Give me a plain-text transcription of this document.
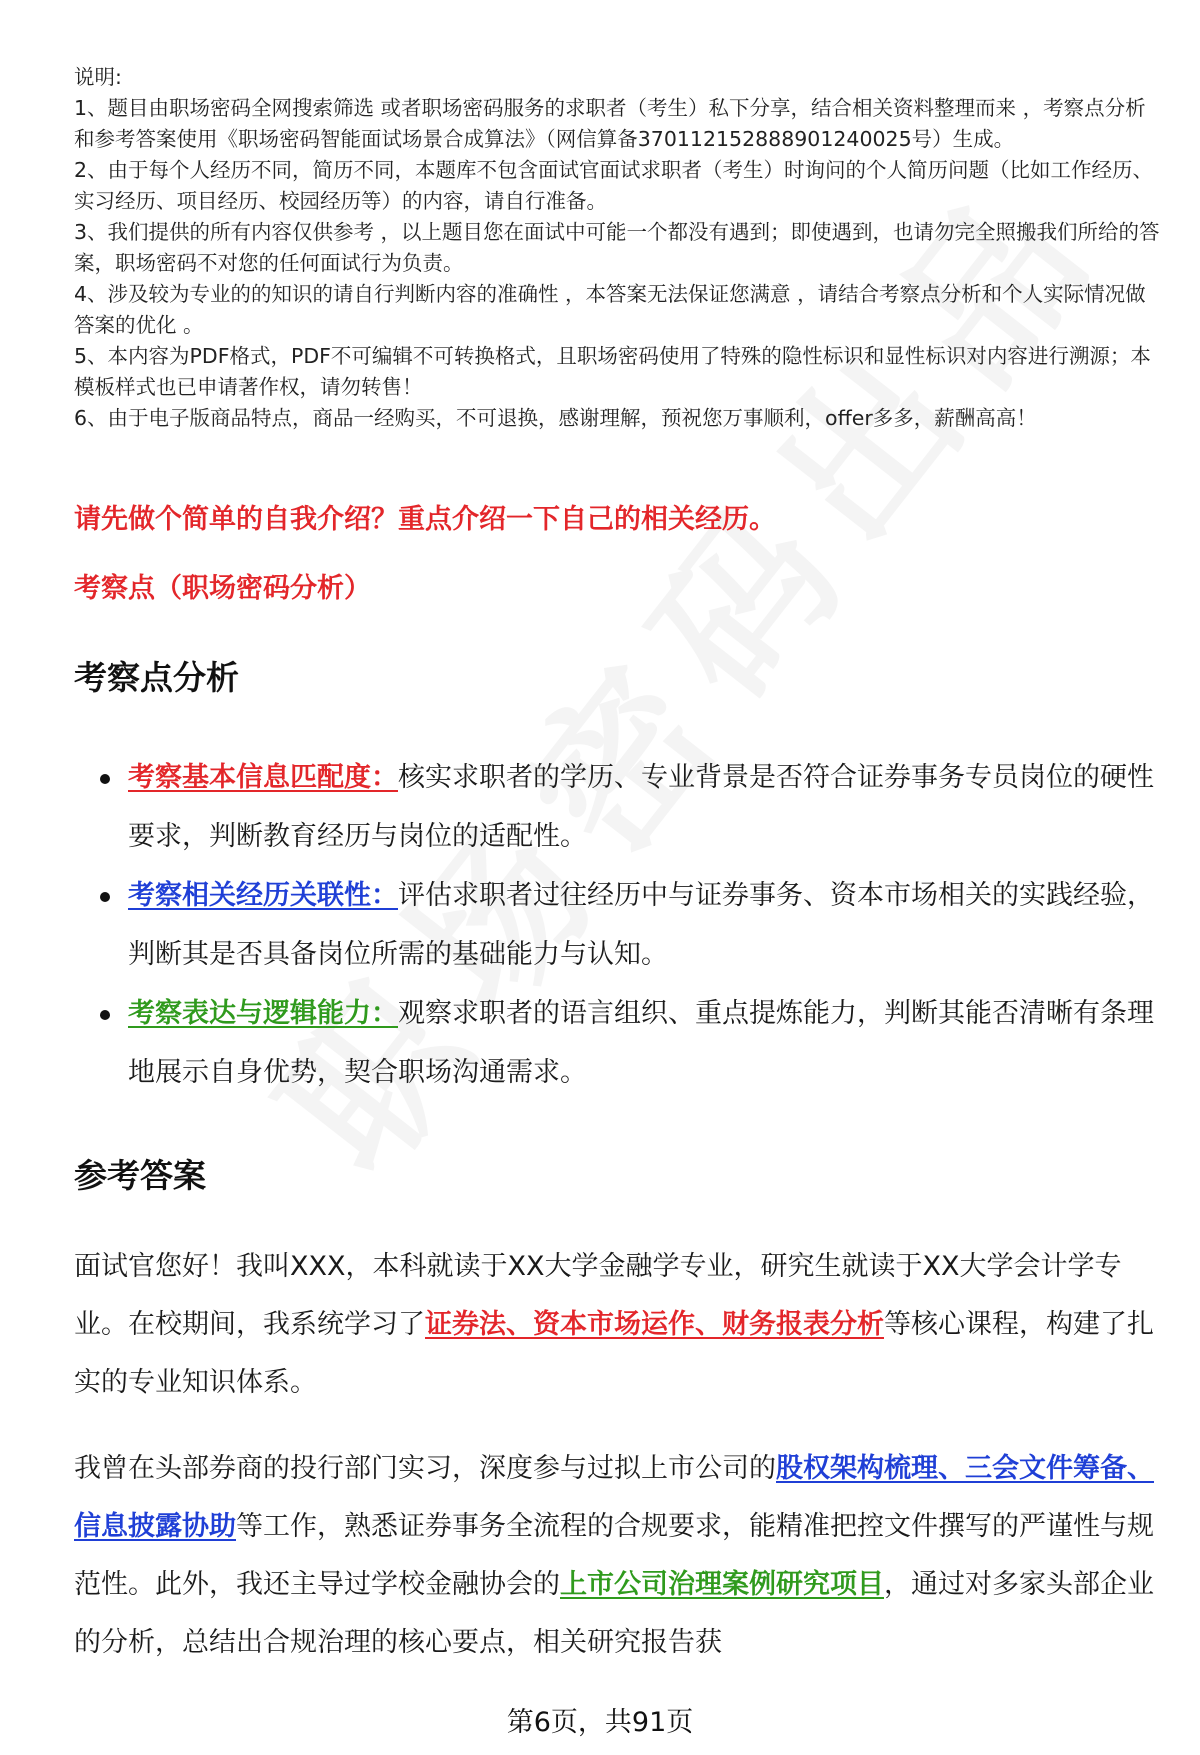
说明:

1、题目由职场密码全网搜索筛选 或者职场密码服务的求职者（考生）私下分享，结合相关资料整理而来 ，考察点分析和参考答案使用《职场密码智能面试场景合成算法》（网信算备370112152888901240025号）生成。

2、由于每个人经历不同，简历不同，本题库不包含面试官面试求职者（考生）时询问的个人简历问题（比如工作经历、实习经历、项目经历、校园经历等）的内容，请自行准备。

3、我们提供的所有内容仅供参考 ，以上题目您在面试中可能一个都没有遇到；即使遇到，也请勿完全照搬我们所给的答案，职场密码不对您的任何面试行为负责。

4、涉及较为专业的的知识的请自行判断内容的准确性 ，本答案无法保证您满意 ，请结合考察点分析和个人实际情况做答案的优化 。

5、本内容为PDF格式，PDF不可编辑不可转换格式，且职场密码使用了特殊的隐性标识和显性标识对内容进行溯源；本模板样式也已申请著作权，请勿转售！

6、由于电子版商品特点，商品一经购买，不可退换，感谢理解，预祝您万事顺利，offer多多，薪酬高高！

请先做个简单的自我介绍？重点介绍一下自己的相关经历。
考察点（职场密码分析）
考察点分析
考察基本信息匹配度：核实求职者的学历、专业背景是否符合证券事务专员岗位的硬性要求，判断教育经历与岗位的适配性。
考察相关经历关联性：评估求职者过往经历中与证券事务、资本市场相关的实践经验，判断其是否具备岗位所需的基础能力与认知。
考察表达与逻辑能力：观察求职者的语言组织、重点提炼能力，判断其能否清晰有条理地展示自身优势，契合职场沟通需求。
参考答案

面试官您好！我叫XXX，本科就读于XX大学金融学专业，研究生就读于XX大学会计学专业。在校期间，我系统学习了证券法、资本市场运作、财务报表分析等核心课程，构建了扎实的专业知识体系。

我曾在头部券商的投行部门实习，深度参与过拟上市公司的股权架构梳理、三会文件筹备、信息披露协助等工作，熟悉证券事务全流程的合规要求，能精准把控文件撰写的严谨性与规范性。此外，我还主导过学校金融协会的上市公司治理案例研究项目，通过对多家头部企业的分析，总结出合规治理的核心要点，相关研究报告获

第6页，共91页
